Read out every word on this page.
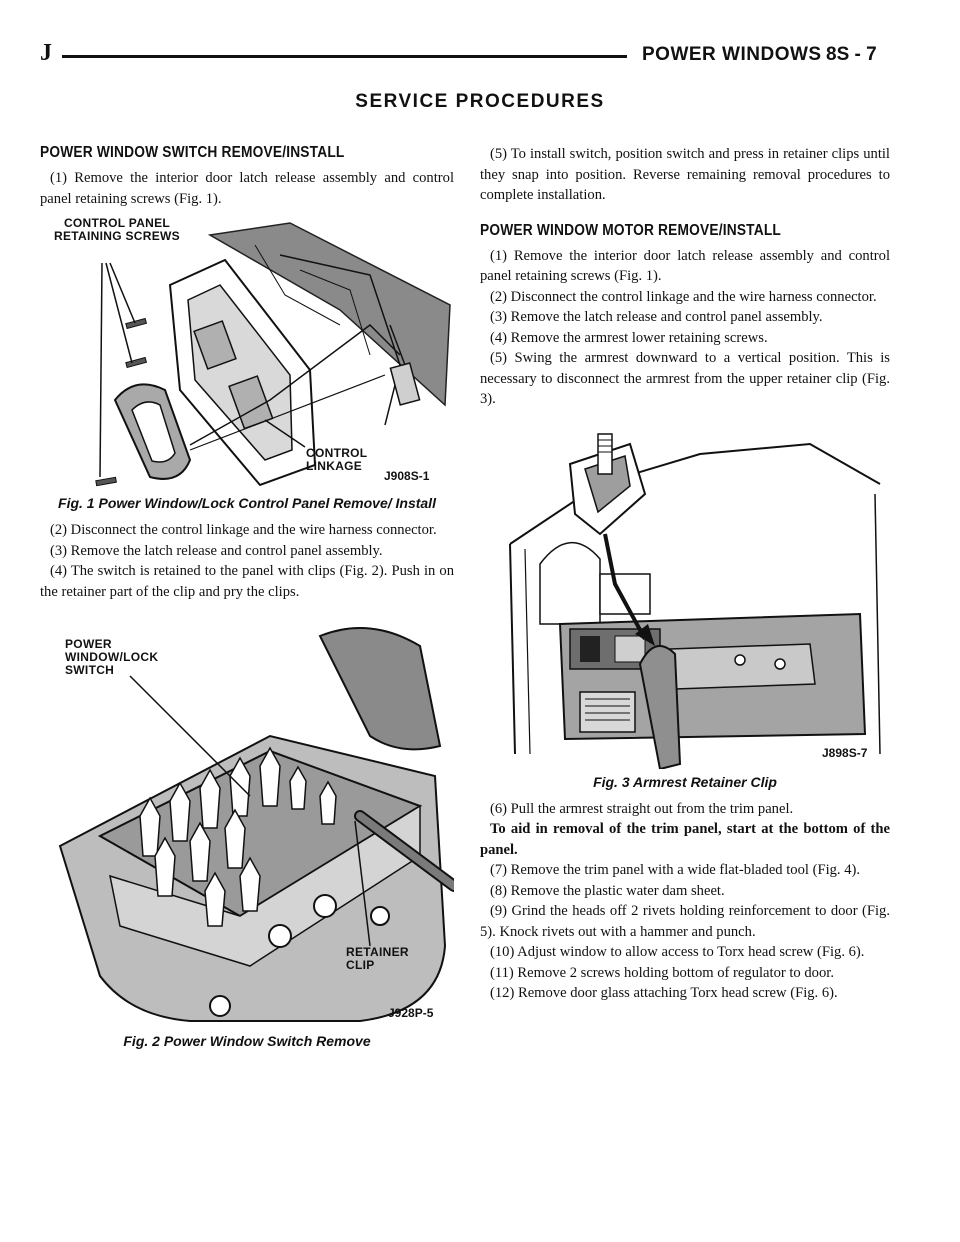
J	POWER WINDOWS 8S - 7
SERVICE PROCEDURES
POWER WINDOW SWITCH REMOVE/INSTALL

(1) Remove the interior door latch release assembly and control panel retaining screws (Fig. 1).

CONTROL PANEL RETAINING SCREWS
CONTROL LINKAGE
J908S-1

Fig. 1 Power Window/Lock Control Panel Remove/ Install

(2) Disconnect the control linkage and the wire harness connector.

(3) Remove the latch release and control panel assembly.

(4) The switch is retained to the panel with clips (Fig. 2). Push in on the retainer part of the clip and pry the clips.

POWER WINDOW/LOCK SWITCH
RETAINER CLIP
J928P-5

Fig. 2 Power Window Switch Remove

(5) To install switch, position switch and press in retainer clips until they snap into position. Reverse remaining removal procedures to complete installation.

POWER WINDOW MOTOR REMOVE/INSTALL

(1) Remove the interior door latch release assembly and control panel retaining screws (Fig. 1).

(2) Disconnect the control linkage and the wire harness connector.

(3) Remove the latch release and control panel assembly.

(4) Remove the armrest lower retaining screws.

(5) Swing the armrest downward to a vertical position. This is necessary to disconnect the armrest from the upper retainer clip (Fig. 3).

J898S-7

Fig. 3 Armrest Retainer Clip

(6) Pull the armrest straight out from the trim panel.

To aid in removal of the trim panel, start at the bottom of the panel.

(7) Remove the trim panel with a wide flat-bladed tool (Fig. 4).

(8) Remove the plastic water dam sheet.

(9) Grind the heads off 2 rivets holding reinforcement to door (Fig. 5). Knock rivets out with a hammer and punch.

(10) Adjust window to allow access to Torx head screw (Fig. 6).

(11) Remove 2 screws holding bottom of regulator to door.

(12) Remove door glass attaching Torx head screw (Fig. 6).
